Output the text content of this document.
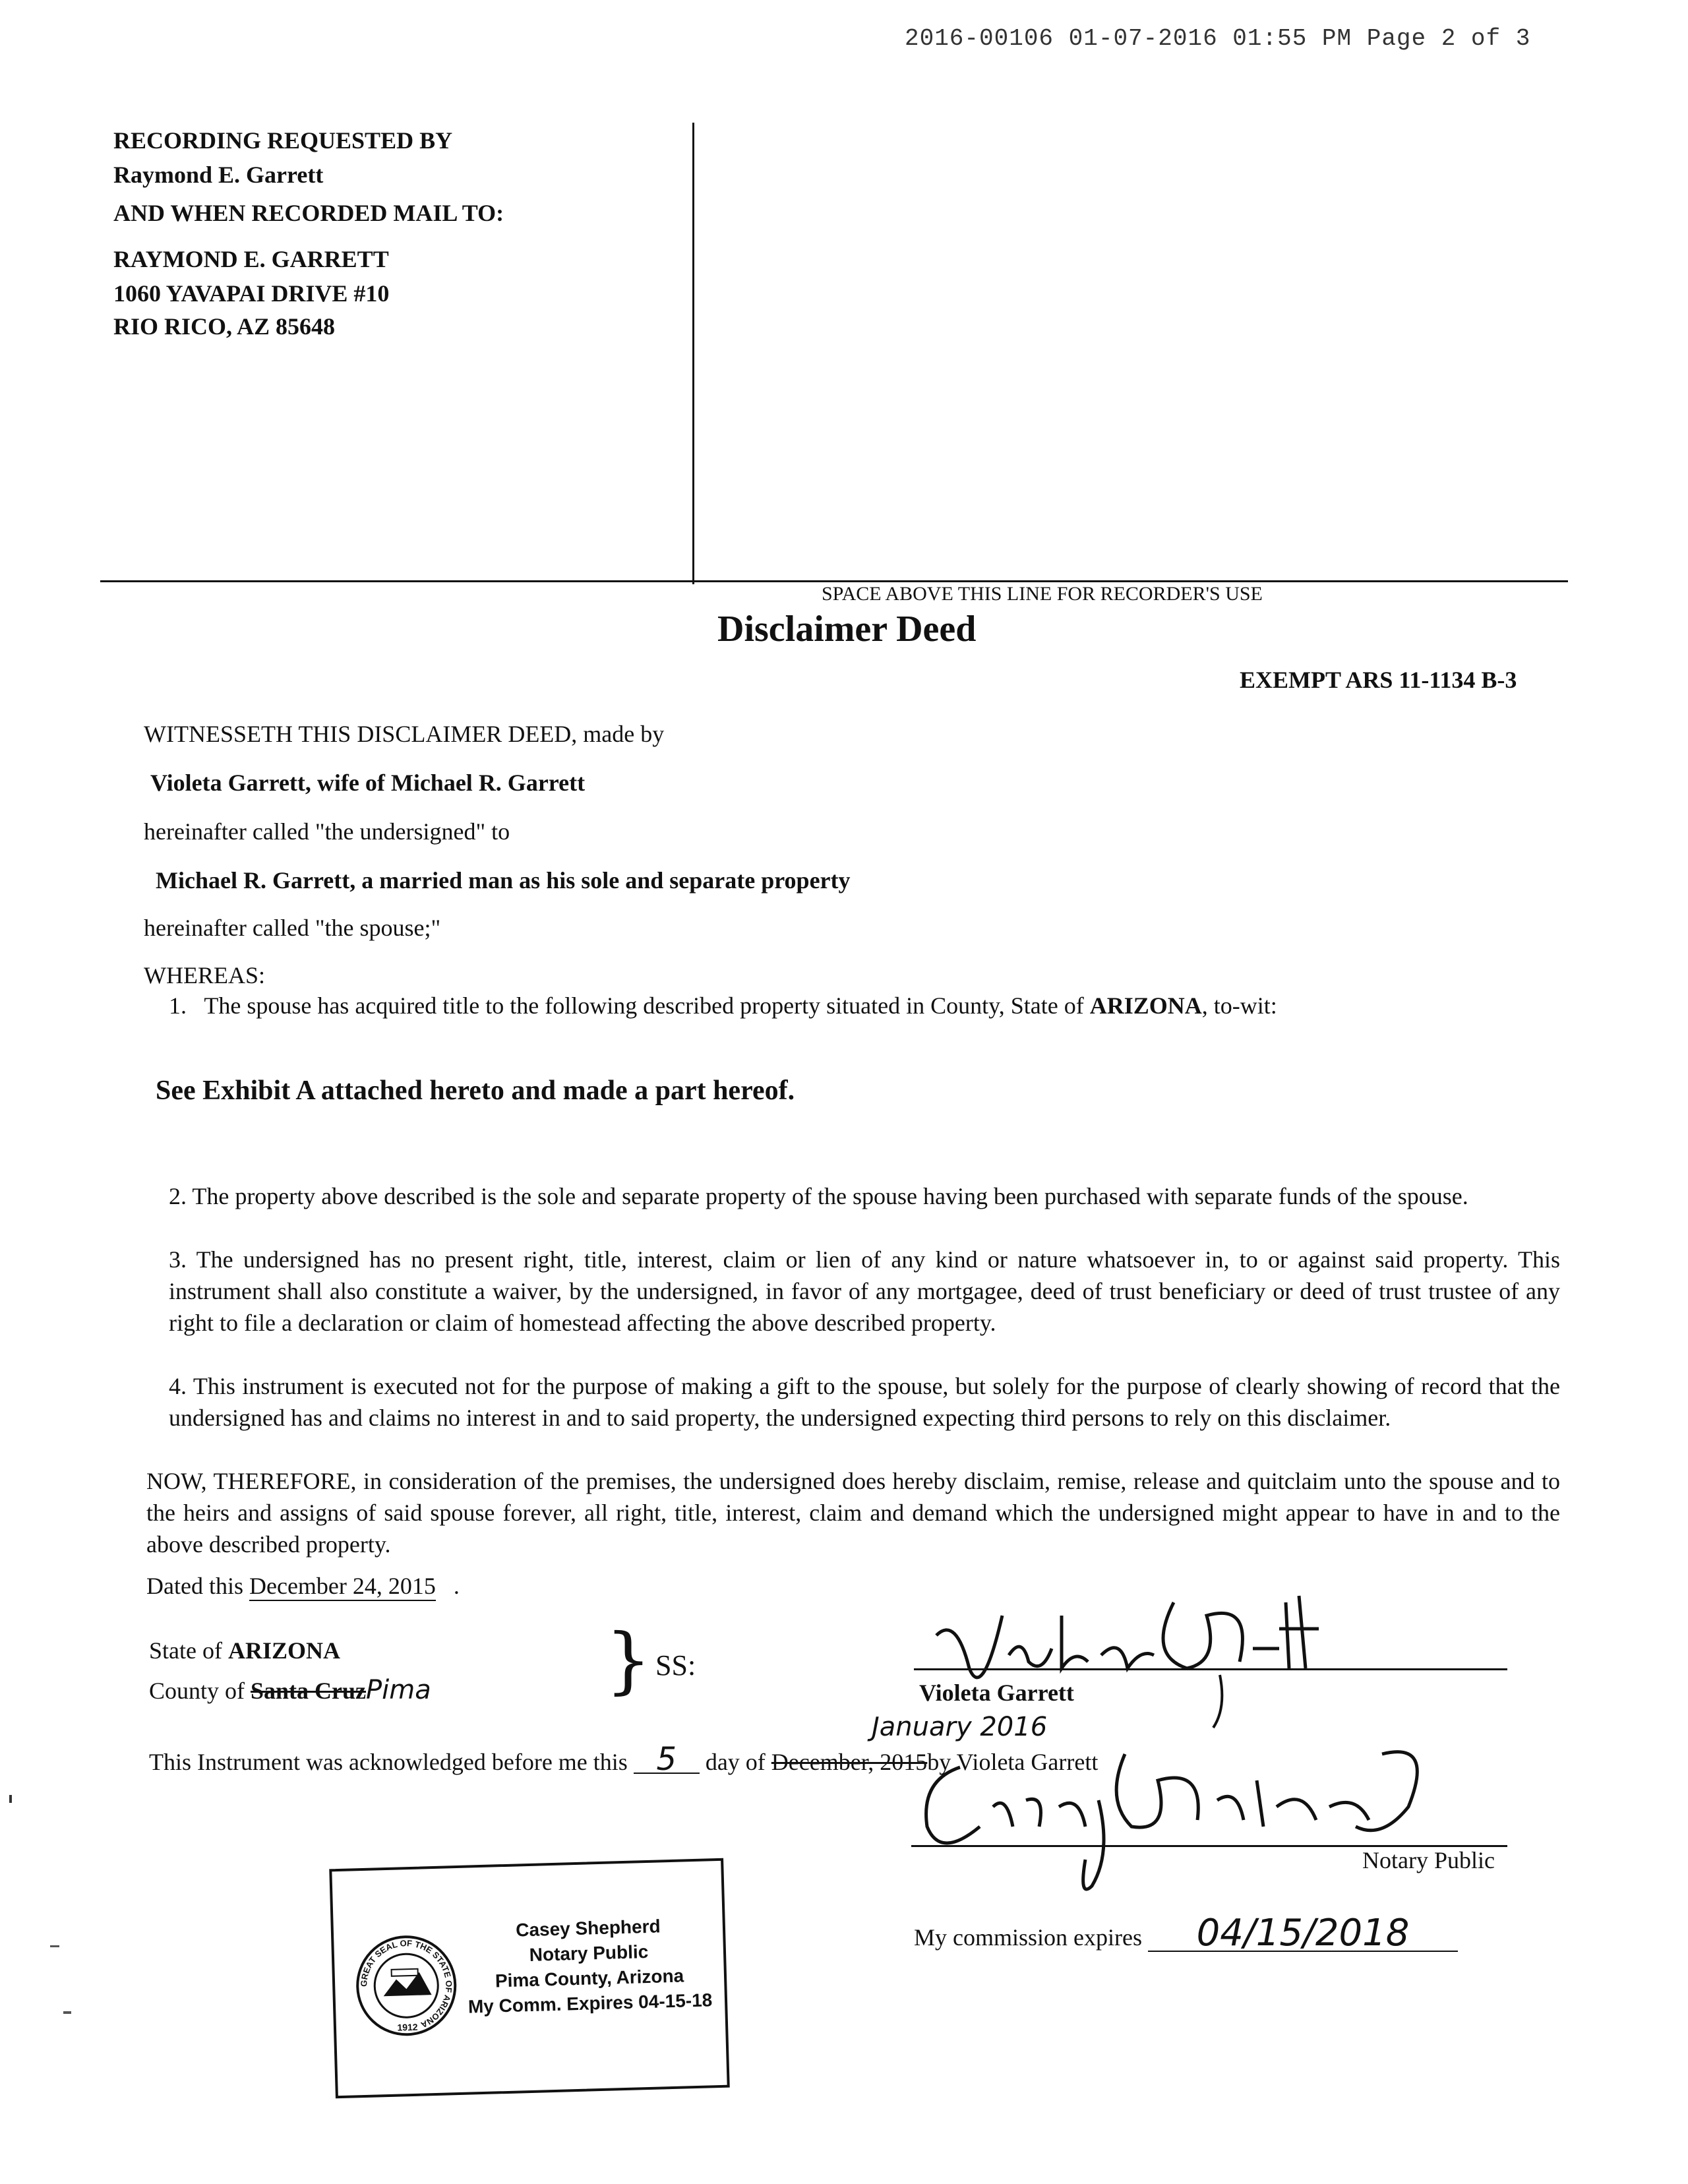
2016-00106 01-07-2016 01:55 PM Page 2 of 3
RECORDING REQUESTED BY
Raymond E. Garrett
AND WHEN RECORDED MAIL TO:
RAYMOND E. GARRETT
1060 YAVAPAI DRIVE #10
RIO RICO, AZ 85648
SPACE ABOVE THIS LINE FOR RECORDER'S USE
Disclaimer Deed
EXEMPT ARS 11-1134 B-3
WITNESSETH THIS DISCLAIMER DEED, made by
Violeta Garrett, wife of Michael R. Garrett
hereinafter called "the undersigned" to
Michael R. Garrett, a married man as his sole and separate property
hereinafter called "the spouse;"
WHEREAS:
1. The spouse has acquired title to the following described property situated in County, State of ARIZONA, to-wit:
See Exhibit A attached hereto and made a part hereof.
2. The property above described is the sole and separate property of the spouse having been purchased with separate funds of the spouse.
3. The undersigned has no present right, title, interest, claim or lien of any kind or nature whatsoever in, to or against said property. This instrument shall also constitute a waiver, by the undersigned, in favor of any mortgagee, deed of trust beneficiary or deed of trust trustee of any right to file a declaration or claim of homestead affecting the above described property.
4. This instrument is executed not for the purpose of making a gift to the spouse, but solely for the purpose of clearly showing of record that the undersigned has and claims no interest in and to said property, the undersigned expecting third persons to rely on this disclaimer.
NOW, THEREFORE, in consideration of the premises, the undersigned does hereby disclaim, remise, release and quitclaim unto the spouse and to the heirs and assigns of said spouse forever, all right, title, interest, claim and demand which the undersigned might appear to have in and to the above described property.
Dated this December 24, 2015   .
State of ARIZONA
County of Santa CruzPima } SS:
Violeta Garrett
January 2016
This Instrument was acknowledged before me this 5 day of December, 2015by Violeta Garrett
Notary Public
My commission expires 04/15/2018
GREAT SEAL OF THE STATE OF ARIZONA
1912
Casey Shepherd
Notary Public
Pima County, Arizona
My Comm. Expires 04-15-18
